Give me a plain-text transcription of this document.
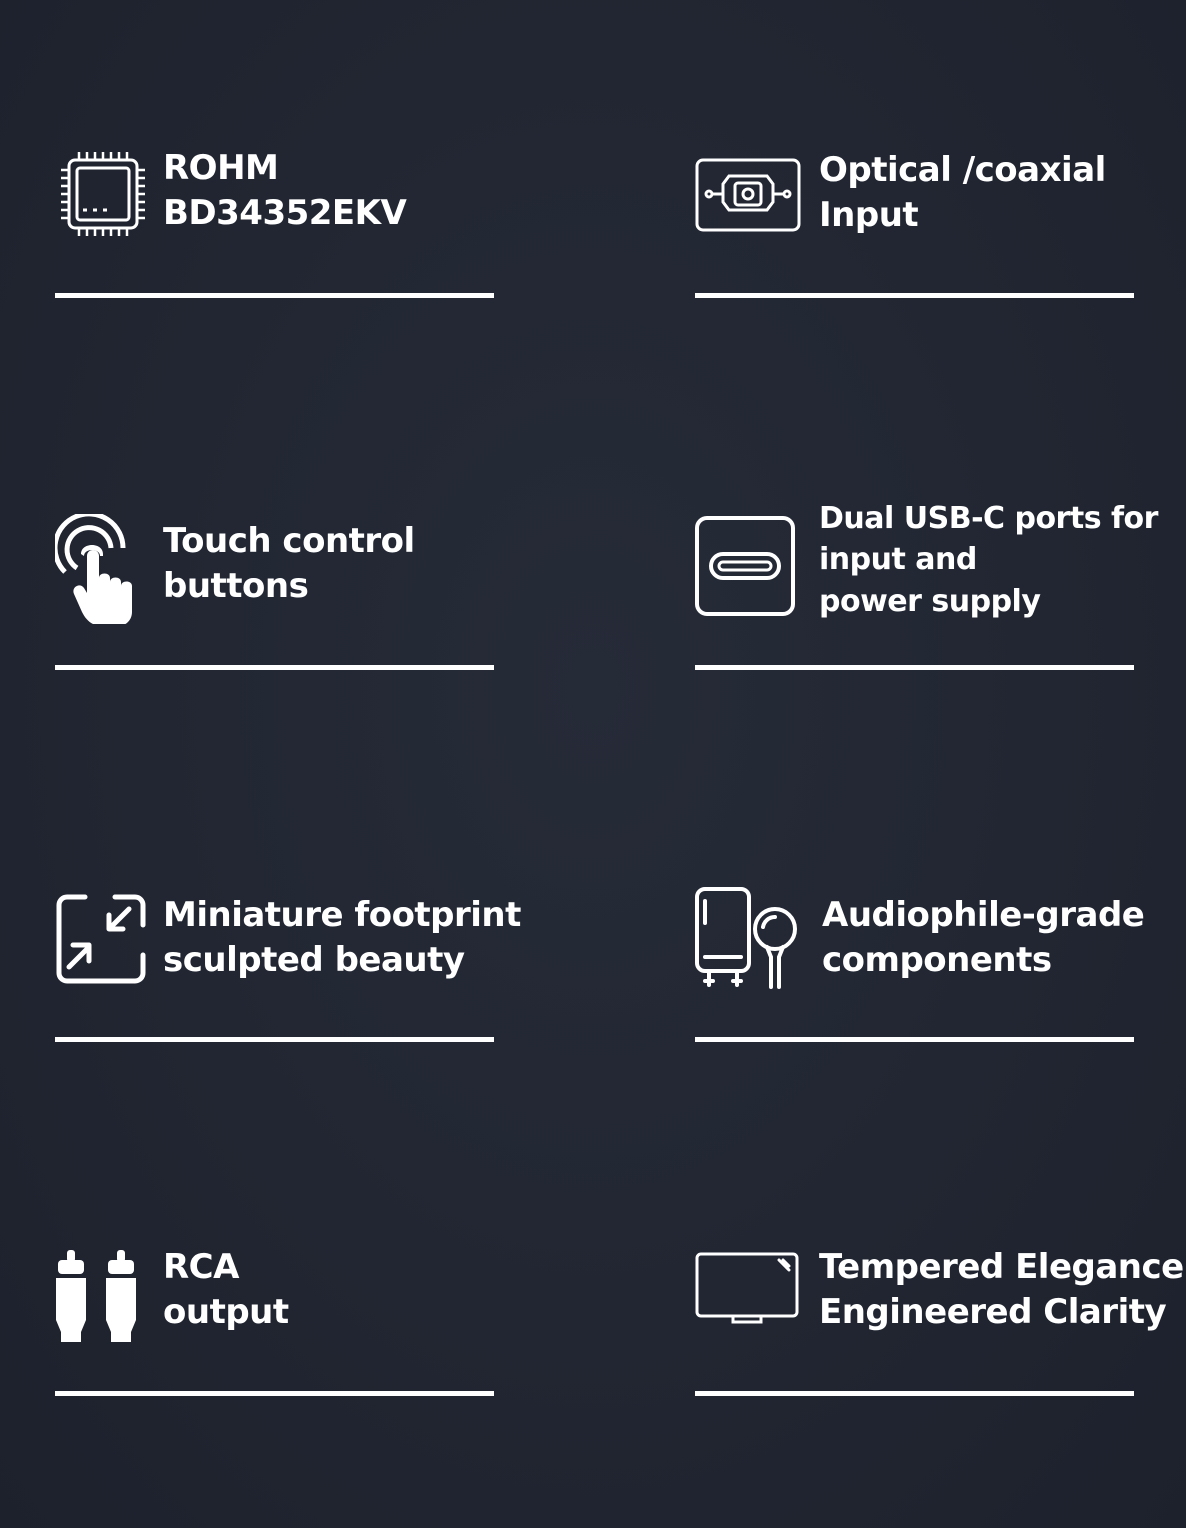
ROHM
BD34352EKV
Optical /coaxial
Input
Touch control
buttons
Dual USB-C ports for
input and
power supply
Miniature footprint
sculpted beauty
Audiophile-grade
components
RCA
output
Tempered Elegance
Engineered Clarity
